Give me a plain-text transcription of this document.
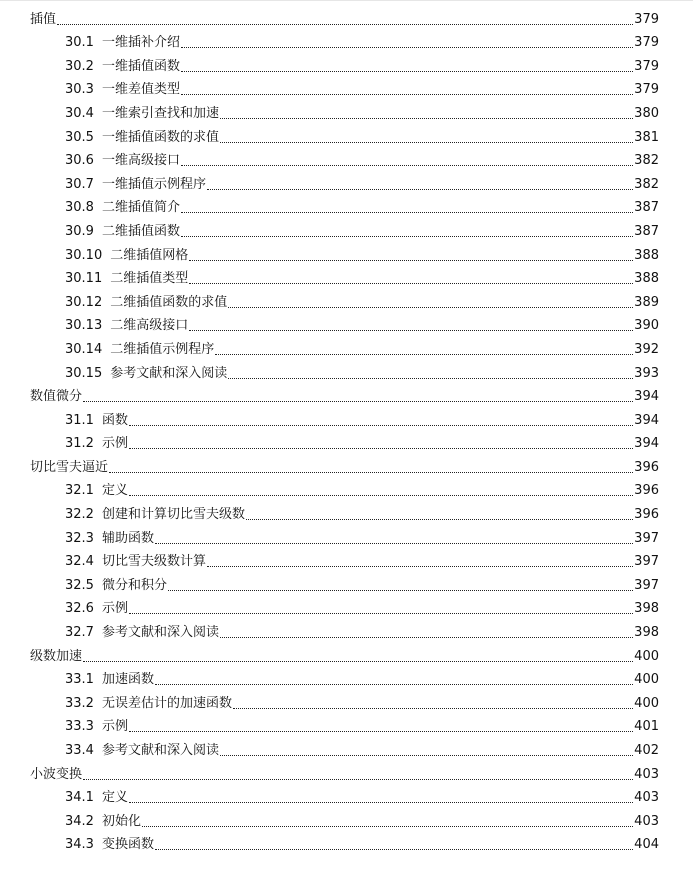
插值	379
30.1 一维插补介绍	379
30.2 一维插值函数	379
30.3 一维差值类型	379
30.4 一维索引查找和加速	380
30.5 一维插值函数的求值	381
30.6 一维高级接口	382
30.7 一维插值示例程序	382
30.8 二维插值简介	387
30.9 二维插值函数	387
30.10 二维插值网格	388
30.11 二维插值类型	388
30.12 二维插值函数的求值	389
30.13 二维高级接口	390
30.14 二维插值示例程序	392
30.15 参考文献和深入阅读	393
数值微分	394
31.1 函数	394
31.2 示例	394
切比雪夫逼近	396
32.1 定义	396
32.2 创建和计算切比雪夫级数	396
32.3 辅助函数	397
32.4 切比雪夫级数计算	397
32.5 微分和积分	397
32.6 示例	398
32.7 参考文献和深入阅读	398
级数加速	400
33.1 加速函数	400
33.2 无误差估计的加速函数	400
33.3 示例	401
33.4 参考文献和深入阅读	402
小波变换	403
34.1 定义	403
34.2 初始化	403
34.3 变换函数	404
